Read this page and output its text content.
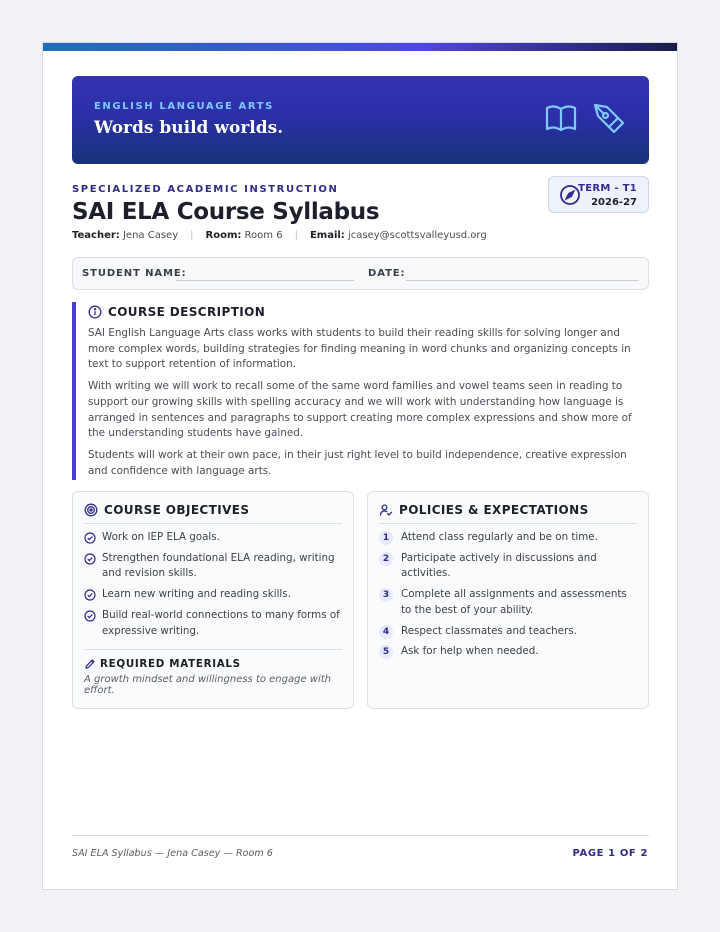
ENGLISH LANGUAGE ARTS
Words build worlds.
SPECIALIZED ACADEMIC INSTRUCTION
SAI ELA Course Syllabus
Teacher:
Jena Casey | Room:
Room 6 | Email:
jcasey@scottsvalleyusd.org
TERM - T1
2026-27
STUDENT NAME:	DATE:
COURSE DESCRIPTION

SAI English Language Arts class works with students to build their reading skills for solving longer and more complex words, building strategies for finding meaning in word chunks and organizing concepts in text to support retention of information.

With writing we will work to recall some of the same word families and vowel teams seen in reading to support our growing skills with spelling accuracy and we will work with understanding how language is arranged in sentences and paragraphs to support creating more complex expressions and show more of the understanding students have gained.

Students will work at their own pace, in their just right level to build independence, creative expression and confidence with language arts.

COURSE OBJECTIVES
Work on IEP ELA goals.
Strengthen foundational ELA reading, writing and revision skills.
Learn new writing and reading skills.
Build real-world connections to many forms of expressive writing.
REQUIRED MATERIALS
A growth mindset and willingness to engage with effort.
POLICIES & EXPECTATIONS
1	Attend class regularly and be on time.
2	Participate actively in discussions and activities.
3	Complete all assignments and assessments to the best of your ability.
4	Respect classmates and teachers.
5	Ask for help when needed.
SAI ELA Syllabus — Jena Casey — Room 6	PAGE 1 OF 2
